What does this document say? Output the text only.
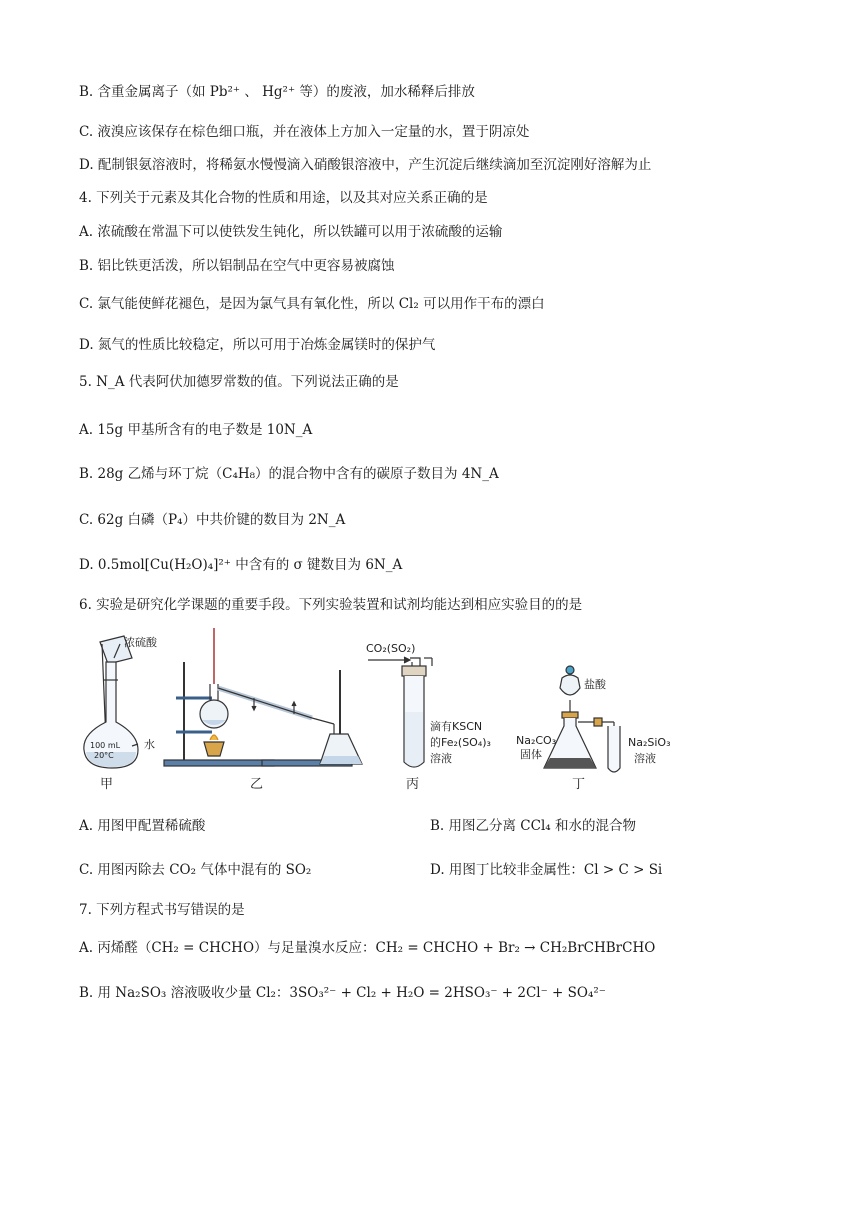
B. 含重金属离子（如 Pb²⁺ 、 Hg²⁺ 等）的废液，加水稀释后排放
C. 液溴应该保存在棕色细口瓶，并在液体上方加入一定量的水，置于阴凉处
D. 配制银氨溶液时，将稀氨水慢慢滴入硝酸银溶液中，产生沉淀后继续滴加至沉淀刚好溶解为止
4. 下列关于元素及其化合物的性质和用途，以及其对应关系正确的是
A. 浓硫酸在常温下可以使铁发生钝化，所以铁罐可以用于浓硫酸的运输
B. 铝比铁更活泼，所以铝制品在空气中更容易被腐蚀
C. 氯气能使鲜花褪色，是因为氯气具有氧化性，所以 Cl₂ 可以用作干布的漂白
D. 氮气的性质比较稳定，所以可用于冶炼金属镁时的保护气
5. N_A 代表阿伏加德罗常数的值。下列说法正确的是
A. 15g 甲基所含有的电子数是 10N_A
B. 28g 乙烯与环丁烷（C₄H₈）的混合物中含有的碳原子数目为 4N_A
C. 62g 白磷（P₄）中共价键的数目为 2N_A
D. 0.5mol[Cu(H₂O)₄]²⁺ 中含有的 σ 键数目为 6N_A
6. 实验是研究化学课题的重要手段。下列实验装置和试剂均能达到相应实验目的的是
浓硫酸
100 mL
20°C
水
甲	乙
CO₂(SO₂)
滴有KSCN
的Fe₂(SO₄)₃
溶液
丙
盐酸
Na₂CO₃
固体
Na₂SiO₃
溶液
丁
A. 用图甲配置稀硫酸	B. 用图乙分离 CCl₄ 和水的混合物
C. 用图丙除去 CO₂ 气体中混有的 SO₂	D. 用图丁比较非金属性：Cl > C > Si
7. 下列方程式书写错误的是
A. 丙烯醛（CH₂ = CHCHO）与足量溴水反应：CH₂ = CHCHO + Br₂ → CH₂BrCHBrCHO
B. 用 Na₂SO₃ 溶液吸收少量 Cl₂：3SO₃²⁻ + Cl₂ + H₂O = 2HSO₃⁻ + 2Cl⁻ + SO₄²⁻
